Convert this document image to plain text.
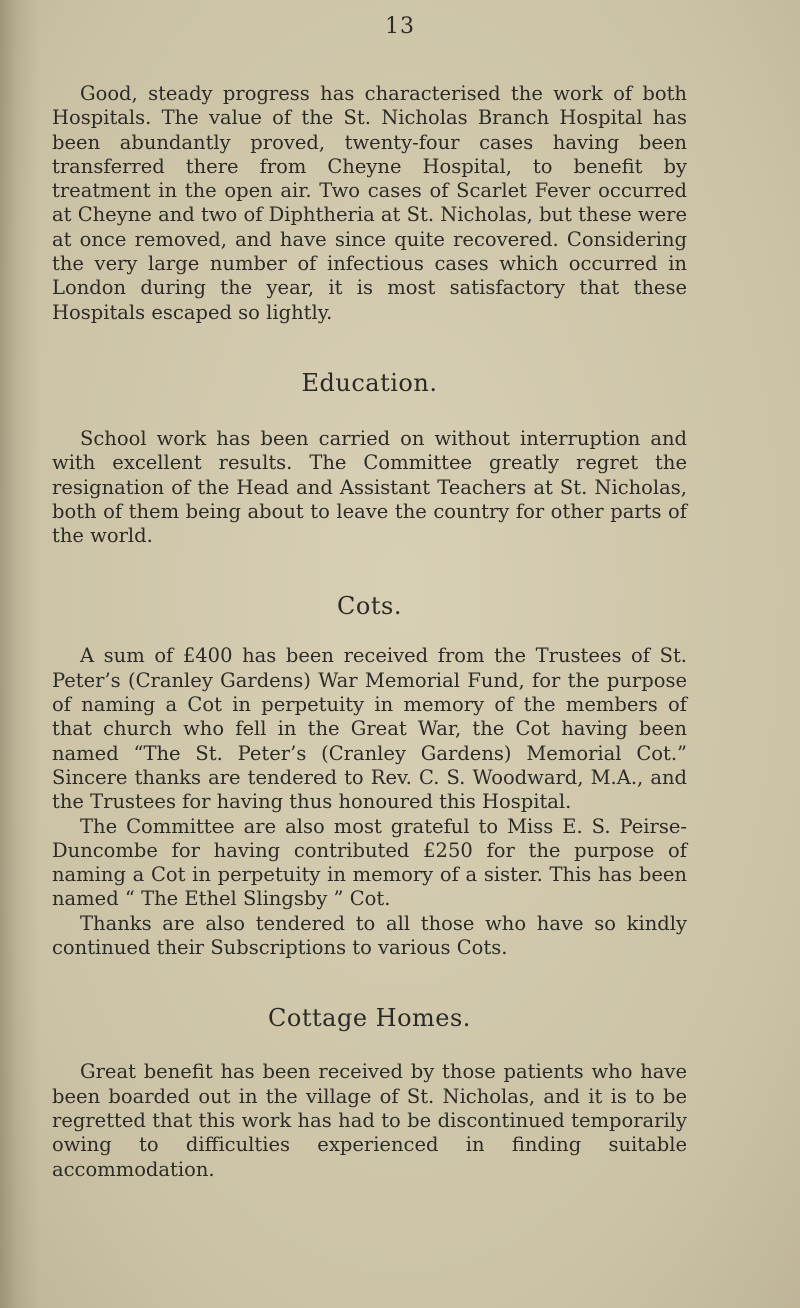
13

Good, steady progress has characterised the work of both Hospitals. The value of the St. Nicholas Branch Hospital has been abundantly proved, twenty-four cases having been transferred there from Cheyne Hospital, to benefit by treatment in the open air. Two cases of Scarlet Fever occurred at Cheyne and two of Diphtheria at St. Nicholas, but these were at once removed, and have since quite recovered. Considering the very large number of infectious cases which occurred in London during the year, it is most satisfactory that these Hospitals escaped so lightly.

Education.

School work has been carried on without interruption and with excellent results. The Committee greatly regret the resignation of the Head and Assistant Teachers at St. Nicholas, both of them being about to leave the country for other parts of the world.

Cots.

A sum of £400 has been received from the Trustees of St. Peter’s (Cranley Gardens) War Memorial Fund, for the purpose of naming a Cot in perpetuity in memory of the members of that church who fell in the Great War, the Cot having been named “The St. Peter’s (Cranley Gardens) Memorial Cot.” Sincere thanks are tendered to Rev. C. S. Woodward, M.A., and the Trustees for having thus honoured this Hospital.

The Committee are also most grateful to Miss E. S. Peirse-Duncombe for having contributed £250 for the purpose of naming a Cot in perpetuity in memory of a sister. This has been named “ The Ethel Slingsby ” Cot.

Thanks are also tendered to all those who have so kindly continued their Subscriptions to various Cots.

Cottage Homes.

Great benefit has been received by those patients who have been boarded out in the village of St. Nicholas, and it is to be regretted that this work has had to be discontinued temporarily owing to difficulties experienced in finding suitable accommodation.
